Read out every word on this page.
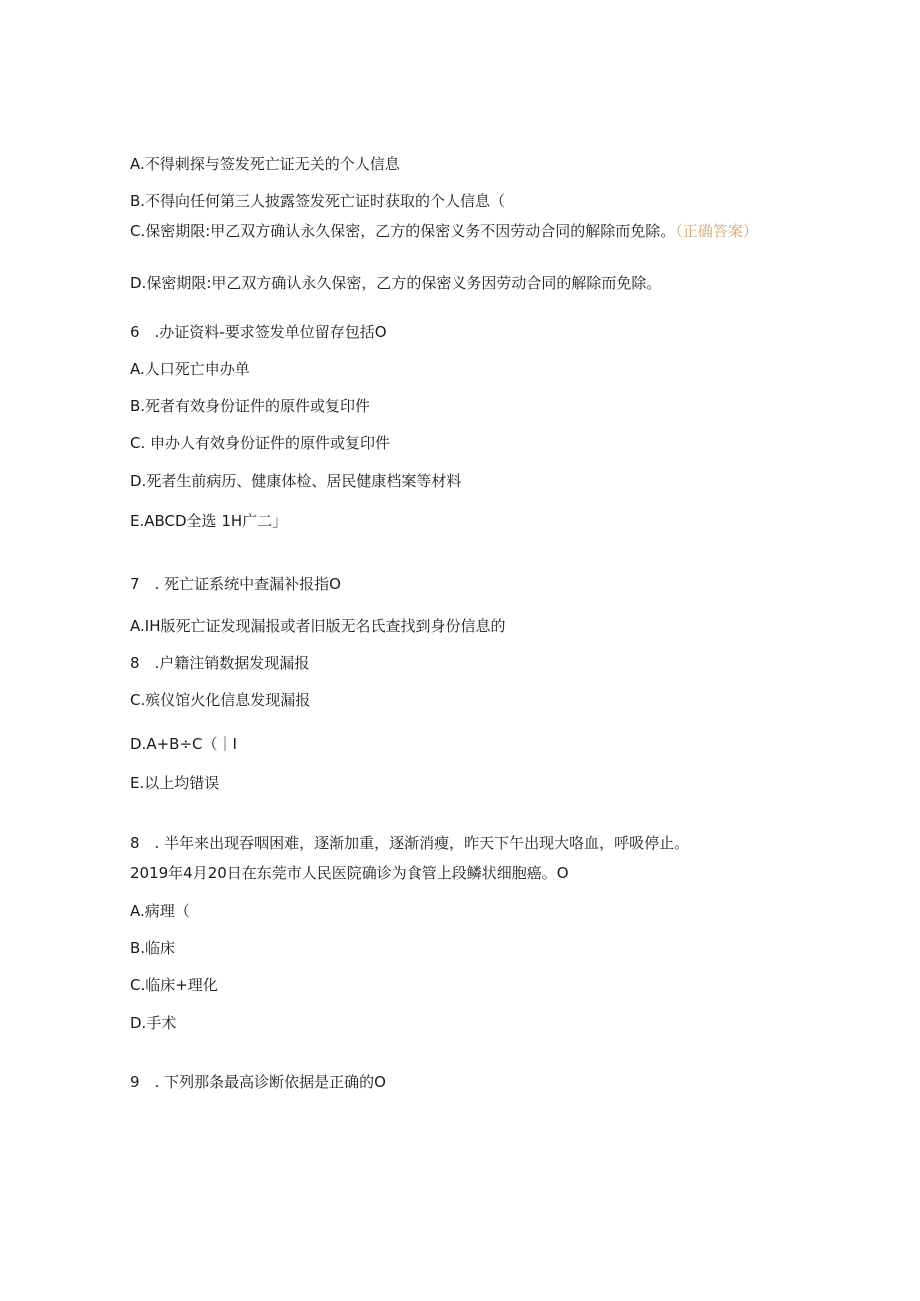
A.不得刺探与签发死亡证无关的个人信息
B.不得向任何第三人披露签发死亡证时获取的个人信息（
C.保密期限:甲乙双方确认永久保密，乙方的保密义务不因劳动合同的解除而免除。（正确答案）
D.保密期限:甲乙双方确认永久保密，乙方的保密义务因劳动合同的解除而免除。
6　.办证资料-要求签发单位留存包括O
A.人口死亡申办单
B.死者有效身份证件的原件或复印件
C. 申办人有效身份证件的原件或复印件
D.死者生前病历、健康体检、居民健康档案等材料
E.ABCD全选 1H广二」
7　. 死亡证系统中查漏补报指O
A.IH版死亡证发现漏报或者旧版无名氏查找到身份信息的
8　.户籍注销数据发现漏报
C.殡仪馆火化信息发现漏报
D.A+B÷C（｜I
E.以上均错误
8　. 半年来出现吞咽困难，逐渐加重，逐渐消瘦，昨天下午出现大咯血，呼吸停止。
2019年4月20日在东莞市人民医院确诊为食管上段鳞状细胞癌。O
A.病理（
B.临床
C.临床+理化
D.手术
9　. 下列那条最高诊断依据是正确的O
